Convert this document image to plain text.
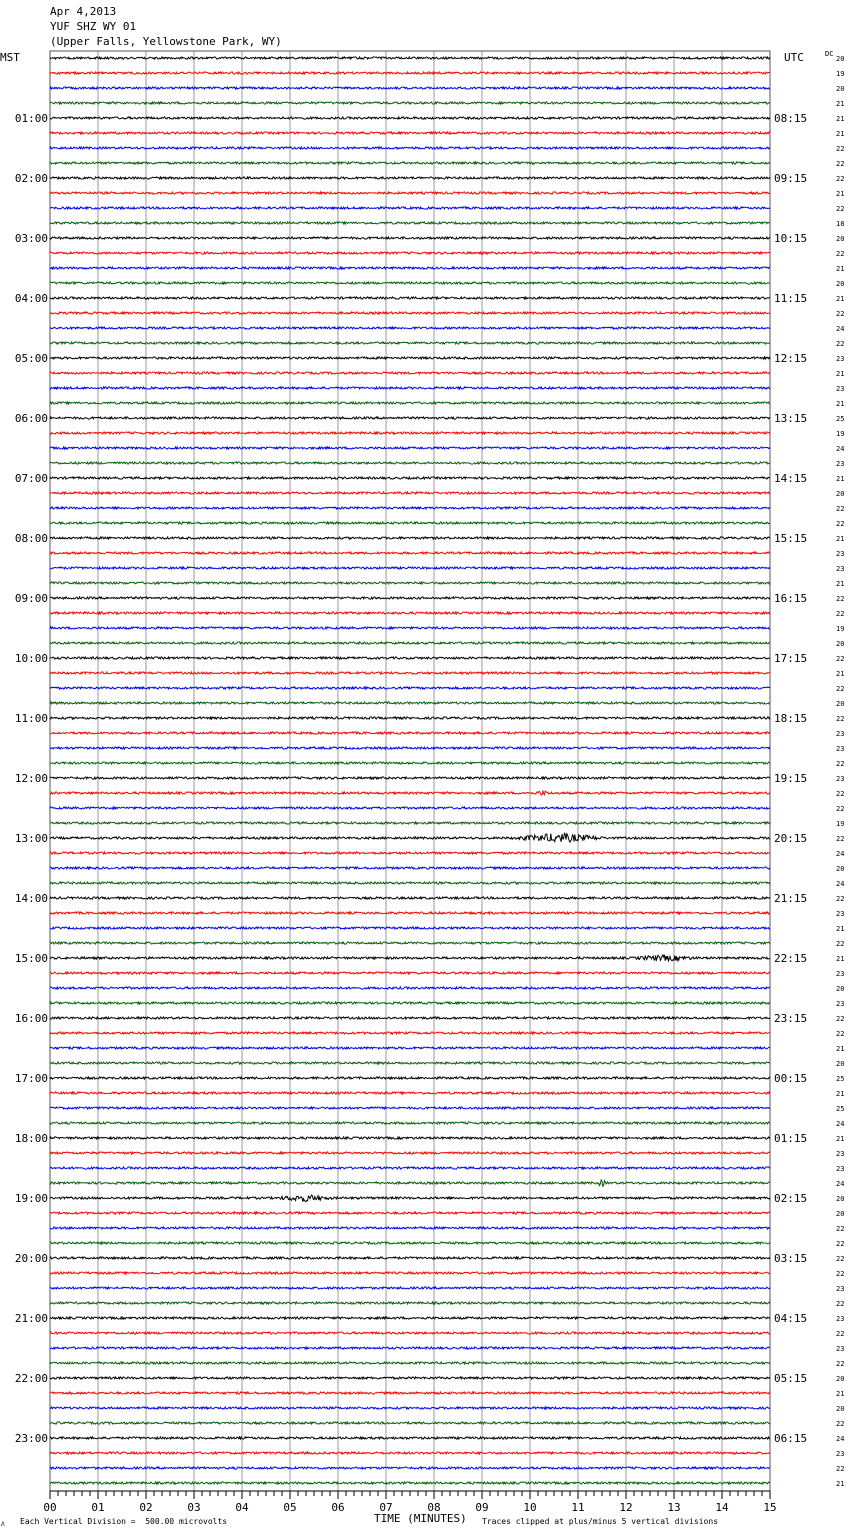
Apr 4,2013
YUF SHZ WY 01
(Upper Falls, Yellowstone Park, WY)
00	01	02	03	04	05	06	07	08	09	10	11	12	13	14	15
01:00	08:15
02:00	09:15
03:00	10:15
04:00	11:15
05:00	12:15
06:00	13:15
07:00	14:15
08:00	15:15
09:00	16:15
10:00	17:15
11:00	18:15
12:00	19:15
13:00	20:15
14:00	21:15
15:00	22:15
16:00	23:15
17:00	00:15
18:00	01:15
19:00	02:15
20:00	03:15
21:00	04:15
22:00	05:15
23:00	06:15
20
19
20
21
21
21
22
22
22
21
22
18
20
22
21
20
21
22
24
22
23
21
23
21
25
19
24
23
21
20
22
22
21
23
23
21
22
22
19
20
22
21
22
20
22
23
23
22
23
22
22
19
22
24
20
24
22
23
21
22
21
23
20
23
22
22
21
20
25
21
25
24
21
23
23
24
20
20
22
22
22
22
23
22
23
22
23
22
20
21
20
22
24
23
22
21
MST	UTC	DC
TIME (MINUTES)
Each Vertical Division =  500.00 microvolts	Traces clipped at plus/minus 5 vertical divisions
Λ
